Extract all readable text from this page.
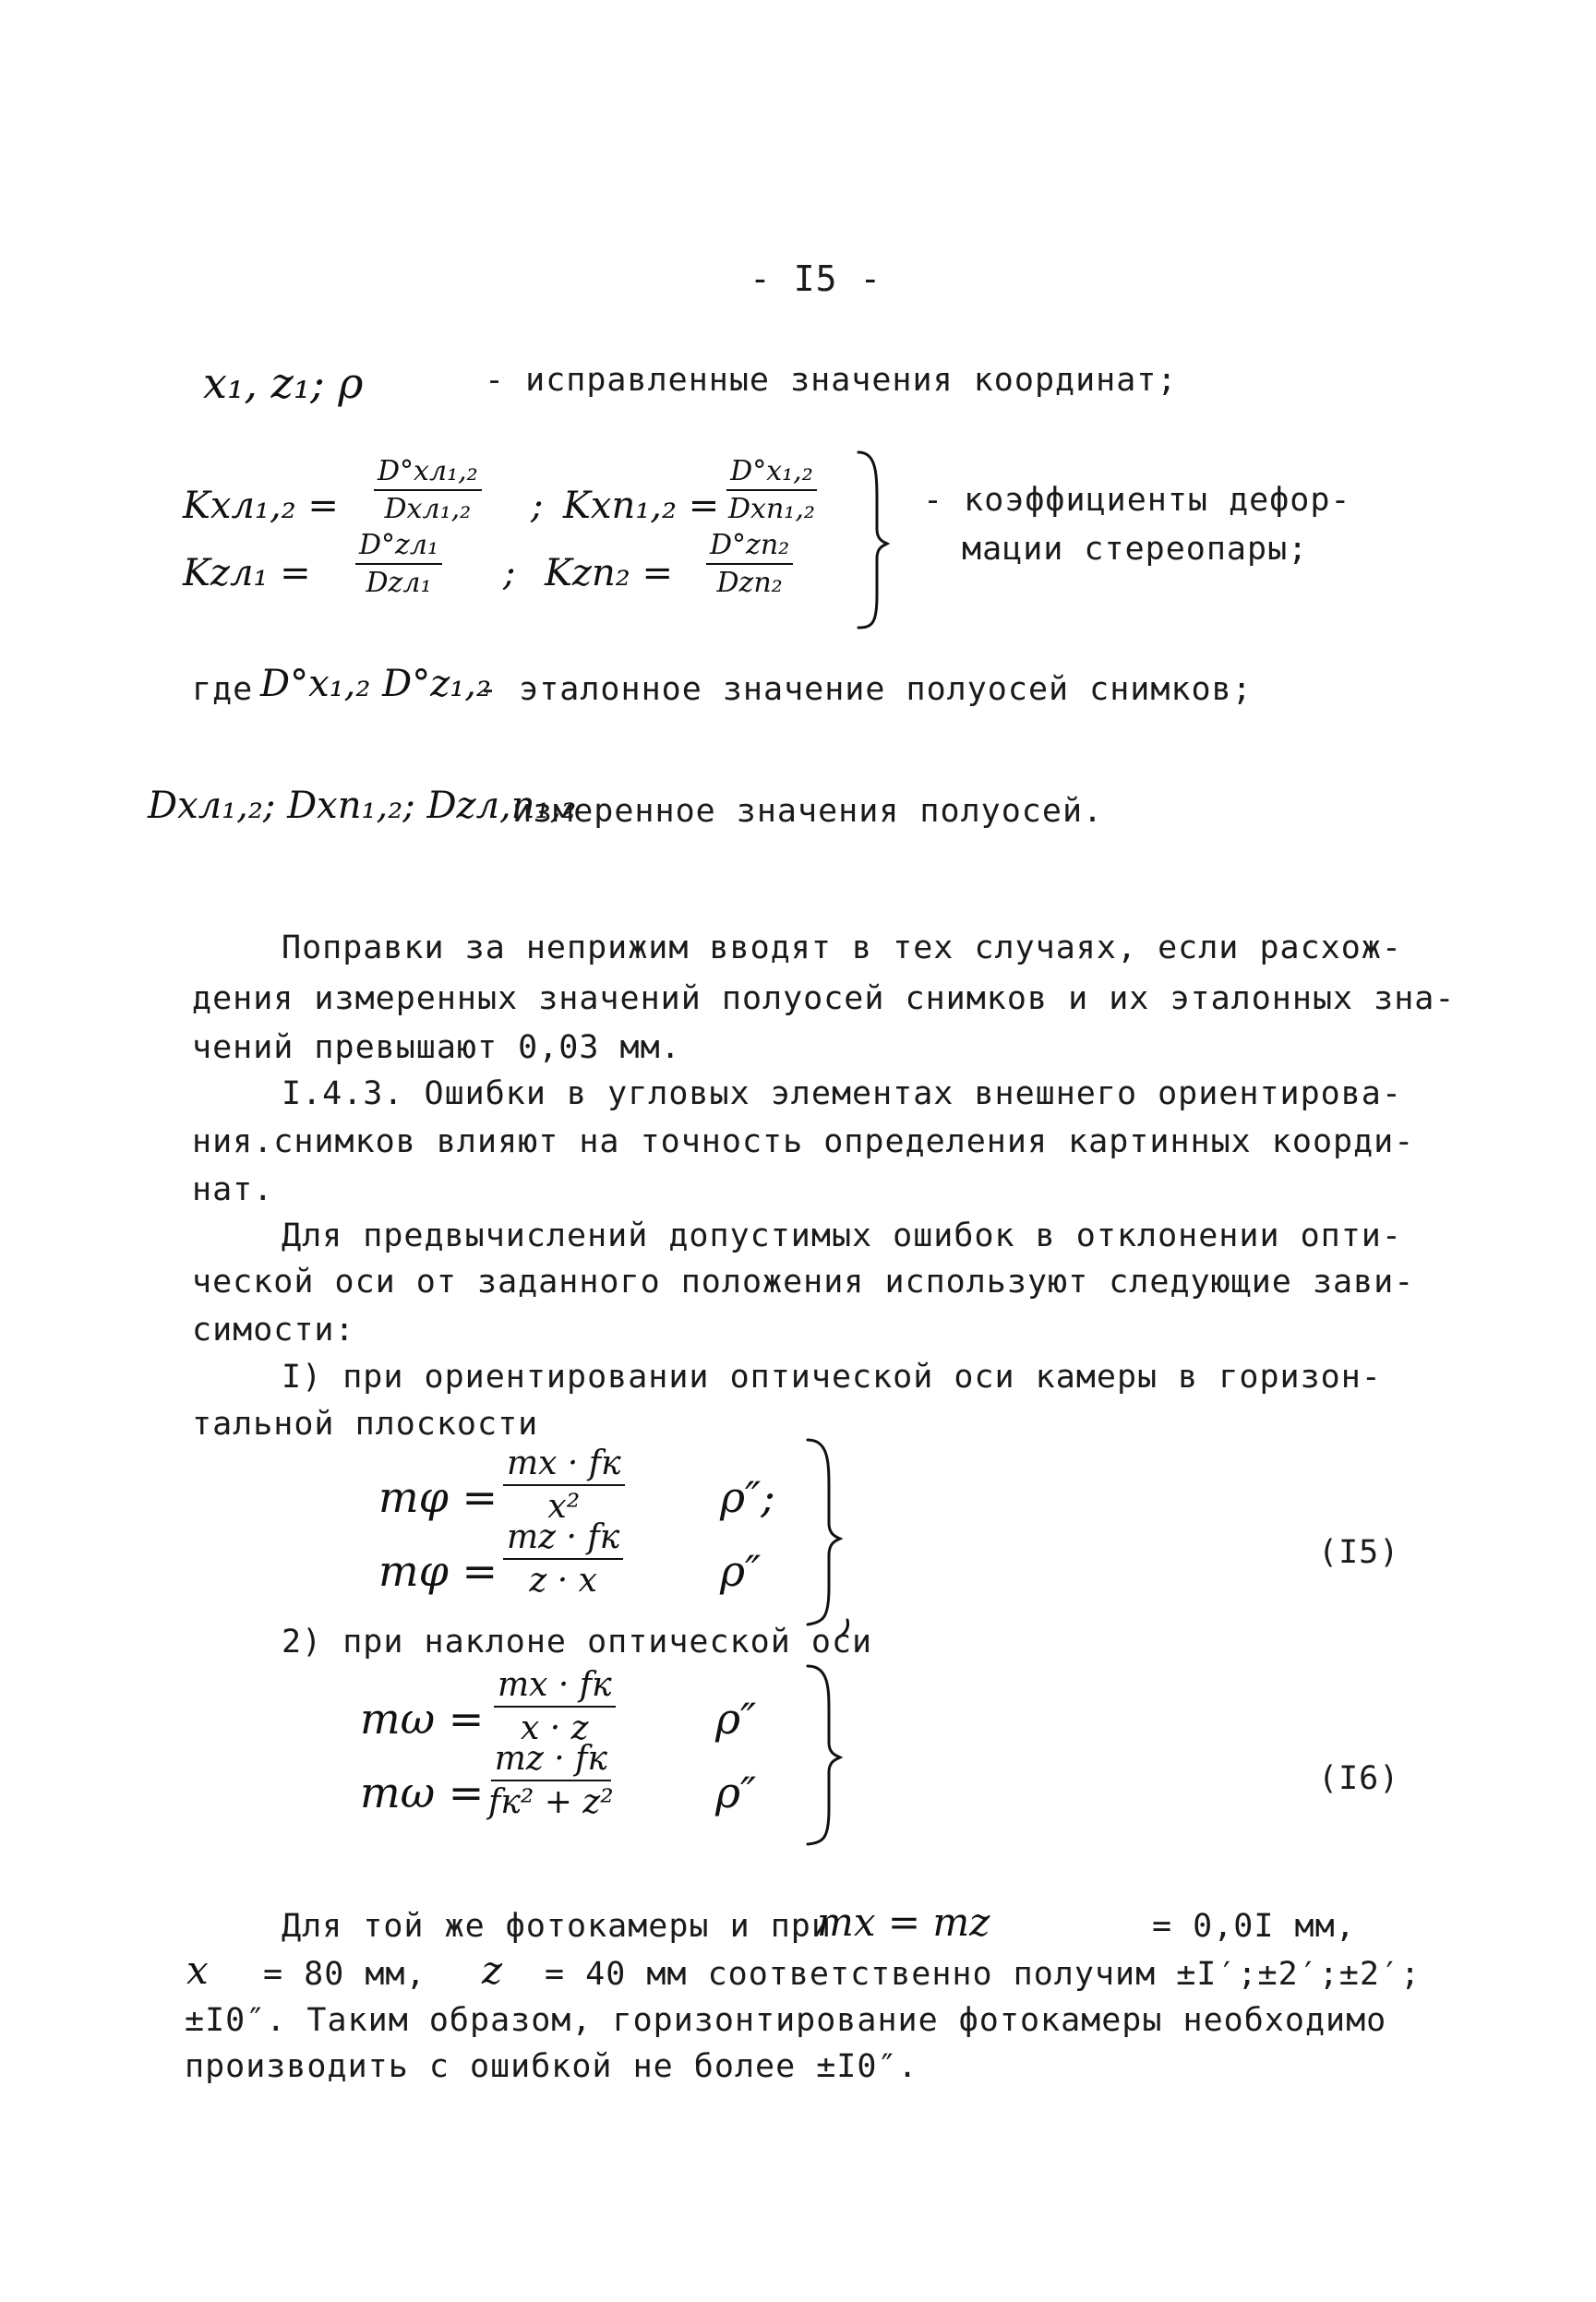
- I5 -
x₁, z₁; ρ	- исправленные значения координат;
Kxл₁,₂ =
D°xл₁,₂
Dxл₁,₂ ; Kxп₁,₂ =
D°x₁,₂
Dxп₁,₂
Kzл₁ =
D°zл₁
Dzл₁ ; Kzп₂ =
D°zп₂
Dzп₂
- коэффициенты дефор-
мации стереопары;
где D°x₁,₂ D°z₁,₂
- эталонное значение полуосей снимков;
Dxл₁,₂; Dxп₁,₂; Dzл,п₁,₂
измеренное значения полуосей.
Поправки за неприжим вводят в тех случаях, если расхож-
дения измеренных значений полуосей снимков и их эталонных зна-
чений превышают 0,03 мм.
I.4.3. Ошибки в угловых элементах внешнего ориентирова-
ния.снимков влияют на точность определения картинных коорди-
нат.
Для предвычислений допустимых ошибок в отклонении опти-
ческой оси от заданного положения используют следующие зави-
симости:
I) при ориентировании оптической оси камеры в горизон-
тальной плоскости
mφ =
mx · fк
x²	ρ″;
mφ =
mz · fк
z · x	ρ″	(I5)
2) при наклоне оптической оси
mω =
mx · fк
x · z	ρ″
mω =
mz · fк
fк² + z² ρ″	(I6)
Для той же фотокамеры и при
mx = mz	= 0,0I мм,
x = 80 мм, z = 40 мм соответственно получим ±I′;±2′;±2′;
±I0″. Таким образом, горизонтирование фотокамеры необходимо
производить с ошибкой не более ±I0″.
